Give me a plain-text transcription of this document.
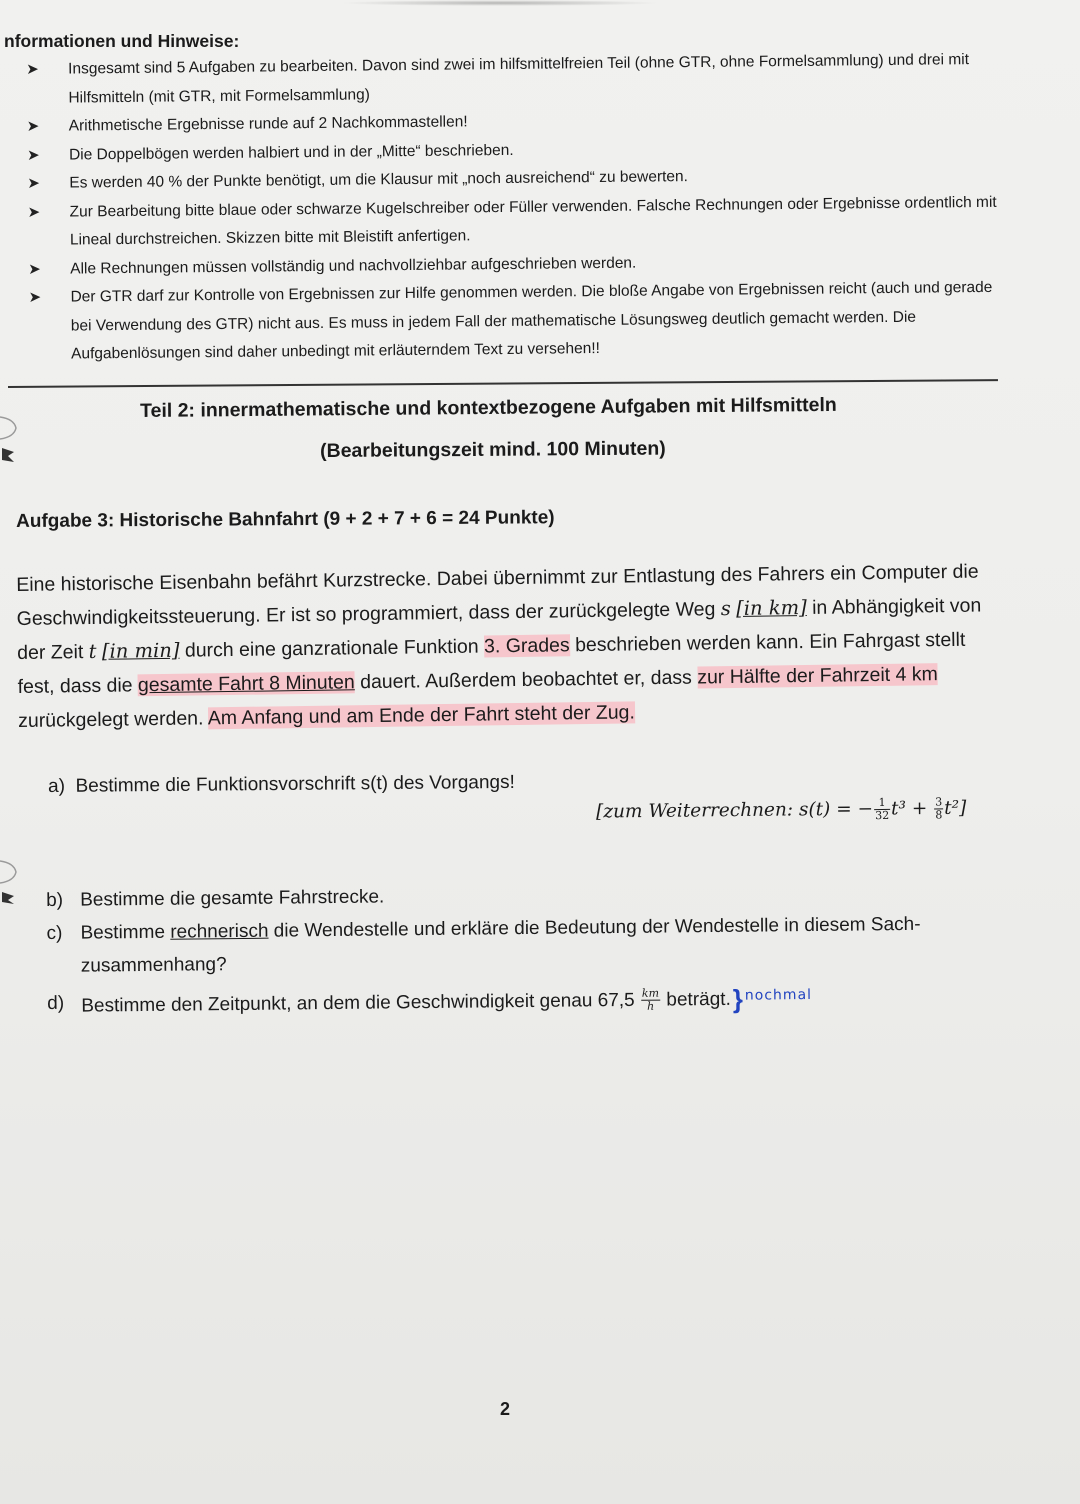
nformationen und Hinweise:
➤ Insgesamt sind 5 Aufgaben zu bearbeiten. Davon sind zwei im hilfsmittelfreien Teil (ohne GTR, ohne Formelsammlung) und drei mit Hilfsmitteln (mit GTR, mit Formelsammlung)
➤ Arithmetische Ergebnisse runde auf 2 Nachkommastellen!
➤ Die Doppelbögen werden halbiert und in der „Mitte“ beschrieben.
➤ Es werden 40 % der Punkte benötigt, um die Klausur mit „noch ausreichend“ zu bewerten.
➤ Zur Bearbeitung bitte blaue oder schwarze Kugelschreiber oder Füller verwenden. Falsche Rechnungen oder Ergebnisse ordentlich mit Lineal durchstreichen. Skizzen bitte mit Bleistift anfertigen.
➤ Alle Rechnungen müssen vollständig und nachvollziehbar aufgeschrieben werden.
➤ Der GTR darf zur Kontrolle von Ergebnissen zur Hilfe genommen werden. Die bloße Angabe von Ergebnissen reicht (auch und gerade bei Verwendung des GTR) nicht aus. Es muss in jedem Fall der mathematische Lösungsweg deutlich gemacht werden. Die Aufgabenlösungen sind daher unbedingt mit erläuterndem Text zu versehen!!
Teil 2: innermathematische und kontextbezogene Aufgaben mit Hilfsmitteln
(Bearbeitungszeit mind. 100 Minuten)
Aufgabe 3: Historische Bahnfahrt (9 + 2 + 7 + 6 = 24 Punkte)

Eine historische Eisenbahn befährt Kurzstrecke. Dabei übernimmt zur Entlastung des Fahrers ein Computer die Geschwindigkeitssteuerung. Er ist so programmiert, dass der zurückgelegte Weg s [in km] in Abhängigkeit von der Zeit t [in min] durch eine ganzrationale Funktion 3. Grades beschrieben werden kann. Ein Fahrgast stellt fest, dass die gesamte Fahrt 8 Minuten dauert. Außerdem beobachtet er, dass zur Hälfte der Fahrzeit 4 km zurückgelegt werden. Am Anfang und am Ende der Fahrt steht der Zug.

a) Bestimme die Funktionsvorschrift s(t) des Vorgangs!
[zum Weiterrechnen: s(t) = − $\frac{1}{32} t^3 + \frac{3}{8} t^2$]
b) Bestimme die gesamte Fahrstrecke.
c) Bestimme rechnerisch die Wendestelle und erkläre die Bedeutung der Wendestelle in diesem Sachzusammenhang?
d) Bestimme den Zeitpunkt, an dem die Geschwindigkeit genau $67,5 \frac{km}{h}$ beträgt.} $^{nochmal}$
2
